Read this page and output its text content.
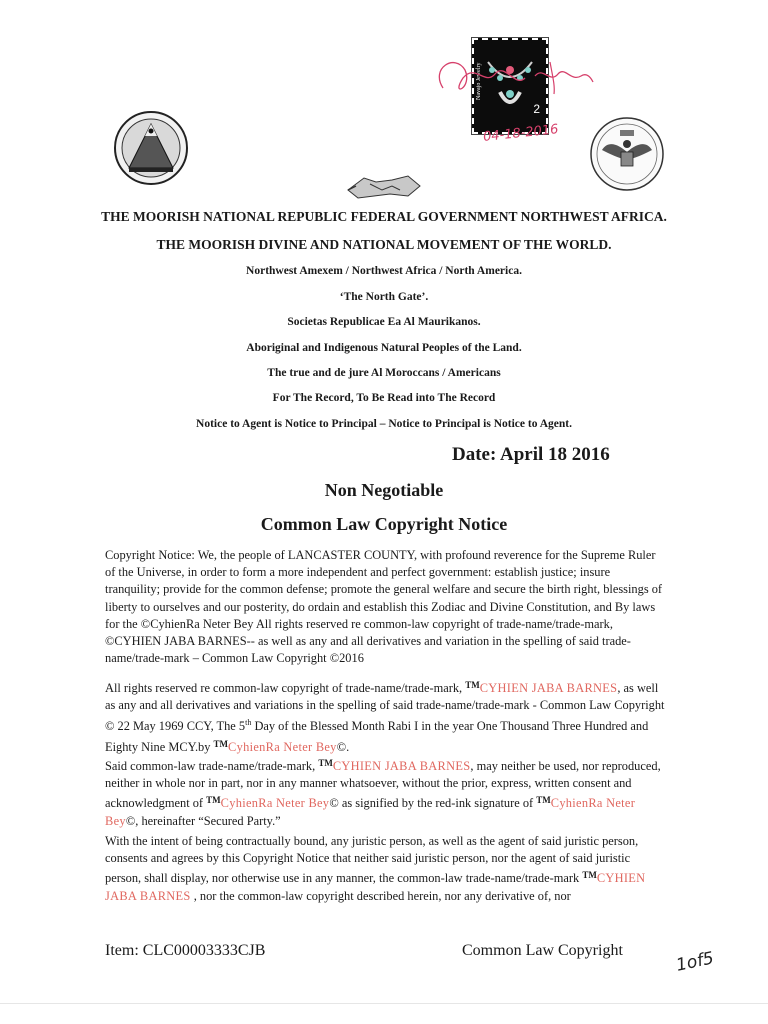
Navajo Jewelry
2
04-18-2016
THE MOORISH NATIONAL REPUBLIC FEDERAL GOVERNMENT NORTHWEST AFRICA.
THE MOORISH DIVINE AND NATIONAL MOVEMENT OF THE WORLD.
Northwest Amexem / Northwest Africa / North America.
‘The North Gate’.
Societas Republicae Ea Al Maurikanos.
Aboriginal and Indigenous Natural Peoples of the Land.
The true and de jure Al Moroccans / Americans
For The Record, To Be Read into The Record
Notice to Agent is Notice to Principal – Notice to Principal is Notice to Agent.
Date: April 18 2016
Non Negotiable
Common Law Copyright Notice

Copyright Notice: We, the people of LANCASTER COUNTY, with profound reverence for the Supreme Ruler of the Universe, in order to form a more independent and perfect government: establish justice; insure tranquility; provide for the common defense; promote the general welfare and secure the birth right, blessings of liberty to ourselves and our posterity, do ordain and establish this Zodiac and Divine Constitution, and By laws for the ©CyhienRa Neter Bey All rights reserved re common-law copyright of trade-name/trade-mark, ©CYHIEN JABA BARNES-- as well as any and all derivatives and variation in the spelling of said trade-name/trade-mark – Common Law Copyright ©2016

All rights reserved re common-law copyright of trade-name/trade-mark, ™CYHIEN JABA BARNES, as well as any and all derivatives and variations in the spelling of said trade-name/trade-mark - Common Law Copyright © 22 May 1969 CCY, The 5th Day of the Blessed Month Rabi I in the year One Thousand Three Hundred and Eighty Nine MCY.by ™CyhienRa Neter Bey©.

Said common-law trade-name/trade-mark, ™CYHIEN JABA BARNES, may neither be used, nor reproduced, neither in whole nor in part, nor in any manner whatsoever, without the prior, express, written consent and acknowledgment of ™CyhienRa Neter Bey© as signified by the red-ink signature of ™CyhienRa Neter Bey©, hereinafter “Secured Party.”

With the intent of being contractually bound, any juristic person, as well as the agent of said juristic person, consents and agrees by this Copyright Notice that neither said juristic person, nor the agent of said juristic person, shall display, nor otherwise use in any manner, the common-law trade-name/trade-mark ™CYHIEN JABA BARNES , nor the common-law copyright described herein, nor any derivative of, nor

Item: CLC00003333CJB	Common Law Copyright	1of5
